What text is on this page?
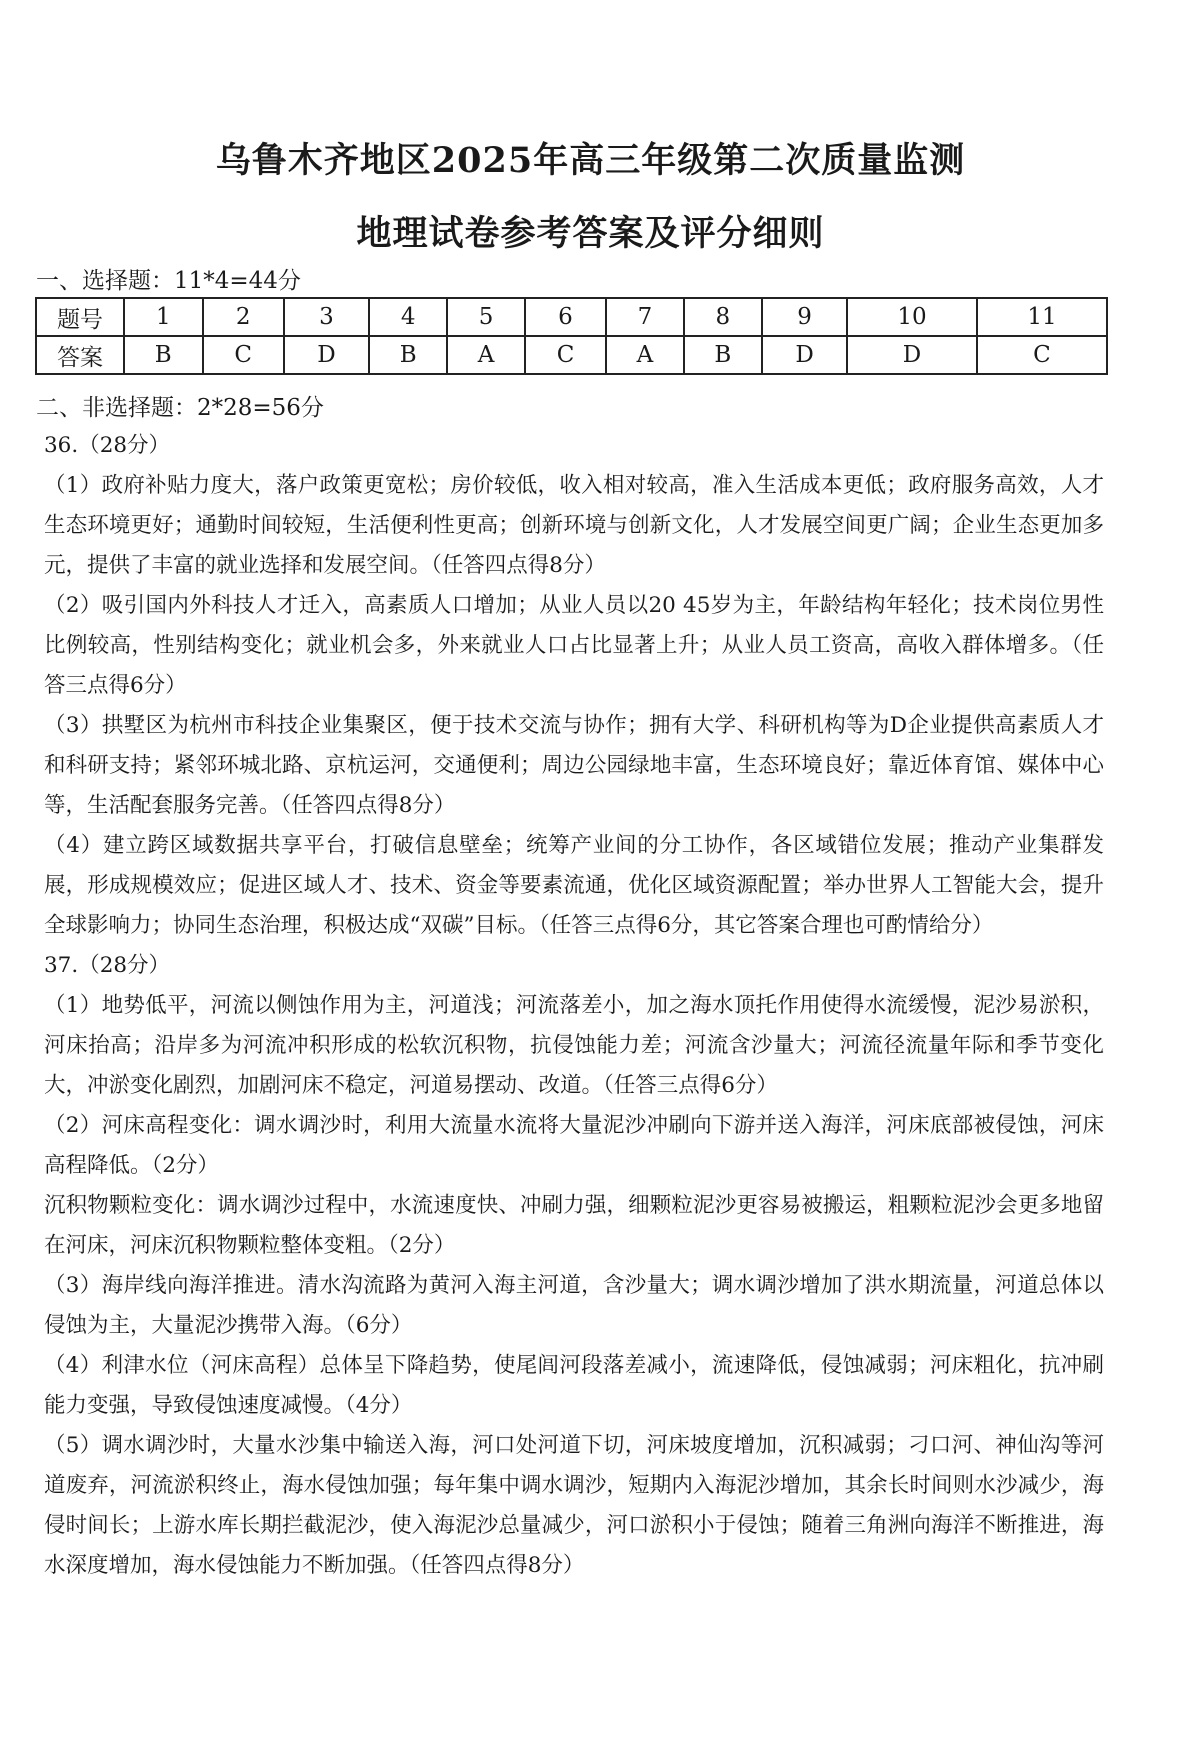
乌鲁木齐地区2025年高三年级第二次质量监测
地理试卷参考答案及评分细则
一、选择题：11*4=44分
题号	1	2	3	4	5	6	7	8	9	10	11
答案	B	C	D	B	A	C	A	B	D	D	C
二、非选择题：2*28=56分

36.（28分）

（1）政府补贴力度大，落户政策更宽松；房价较低，收入相对较高，准入生活成本更低；政府服务高效，人才生态环境更好；通勤时间较短，生活便利性更高；创新环境与创新文化，人才发展空间更广阔；企业生态更加多元，提供了丰富的就业选择和发展空间。（任答四点得8分）

（2）吸引国内外科技人才迁入，高素质人口增加；从业人员以20 45岁为主，年龄结构年轻化；技术岗位男性比例较高，性别结构变化；就业机会多，外来就业人口占比显著上升；从业人员工资高，高收入群体增多。（任答三点得6分）

（3）拱墅区为杭州市科技企业集聚区，便于技术交流与协作；拥有大学、科研机构等为D企业提供高素质人才和科研支持；紧邻环城北路、京杭运河，交通便利；周边公园绿地丰富，生态环境良好；靠近体育馆、媒体中心等，生活配套服务完善。（任答四点得8分）

（4）建立跨区域数据共享平台，打破信息壁垒；统筹产业间的分工协作，各区域错位发展；推动产业集群发展，形成规模效应；促进区域人才、技术、资金等要素流通，优化区域资源配置；举办世界人工智能大会，提升全球影响力；协同生态治理，积极达成“双碳”目标。（任答三点得6分，其它答案合理也可酌情给分）

37.（28分）

（1）地势低平，河流以侧蚀作用为主，河道浅；河流落差小，加之海水顶托作用使得水流缓慢，泥沙易淤积，河床抬高；沿岸多为河流冲积形成的松软沉积物，抗侵蚀能力差；河流含沙量大；河流径流量年际和季节变化大，冲淤变化剧烈，加剧河床不稳定，河道易摆动、改道。（任答三点得6分）

（2）河床高程变化：调水调沙时，利用大流量水流将大量泥沙冲刷向下游并送入海洋，河床底部被侵蚀，河床高程降低。（2分）

沉积物颗粒变化：调水调沙过程中，水流速度快、冲刷力强，细颗粒泥沙更容易被搬运，粗颗粒泥沙会更多地留在河床，河床沉积物颗粒整体变粗。（2分）

（3）海岸线向海洋推进。清水沟流路为黄河入海主河道，含沙量大；调水调沙增加了洪水期流量，河道总体以侵蚀为主，大量泥沙携带入海。（6分）

（4）利津水位（河床高程）总体呈下降趋势，使尾闾河段落差减小，流速降低，侵蚀减弱；河床粗化，抗冲刷能力变强，导致侵蚀速度减慢。（4分）

（5）调水调沙时，大量水沙集中输送入海，河口处河道下切，河床坡度增加，沉积减弱；刁口河、神仙沟等河道废弃，河流淤积终止，海水侵蚀加强；每年集中调水调沙，短期内入海泥沙增加，其余长时间则水沙减少，海侵时间长；上游水库长期拦截泥沙，使入海泥沙总量减少，河口淤积小于侵蚀；随着三角洲向海洋不断推进，海水深度增加，海水侵蚀能力不断加强。（任答四点得8分）
